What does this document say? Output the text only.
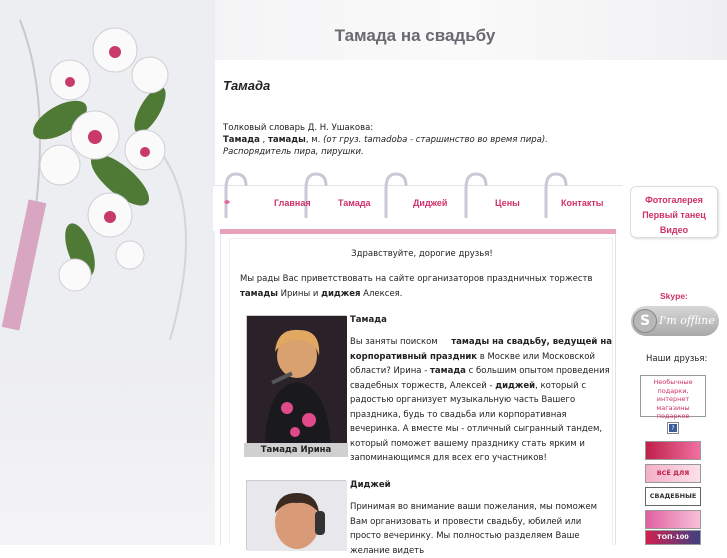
Тамада на свадьбу
Тамада
Толковый словарь Д. Н. Ушакова:
Тамада , тамады, м. (от груз. tamadoba - старшинство во время пира).
Распорядитель пира, пирушки.
Главная	Тамада	Диджей	Цены	Контакты
Здравствуйте, дорогие друзья!
Мы рады Вас приветствовать на сайте организаторов праздничных торжеств тамады Ирины и диджея Алексея.
Тамада Ирина
Тамада
Вы заняты поиском тамады на свадьбу, ведущей на корпоративный праздник в Москве или Московской области? Ирина - тамада с большим опытом проведения свадебных торжеств, Алексей - диджей, который с радостью организует музыкальную часть Вашего праздника, будь то свадьба или корпоративная вечеринка. А вместе мы - отличный сыгранный тандем, который поможет вашему празднику стать ярким и запоминающимся для всех его участников!
Диджей
Принимая во внимание ваши пожелания, мы поможем Вам организовать и провести свадьбу, юбилей или просто вечеринку. Мы полностью разделяем Ваше желание видеть
Фотогалерея
Первый танец
Видео
Skype:
S I'm offline
Наши друзья:
Необычные подарки, интернет магазины подарков
?
ВСЁ ДЛЯ
СВАДЕБНЫЕ
ТОП-100
